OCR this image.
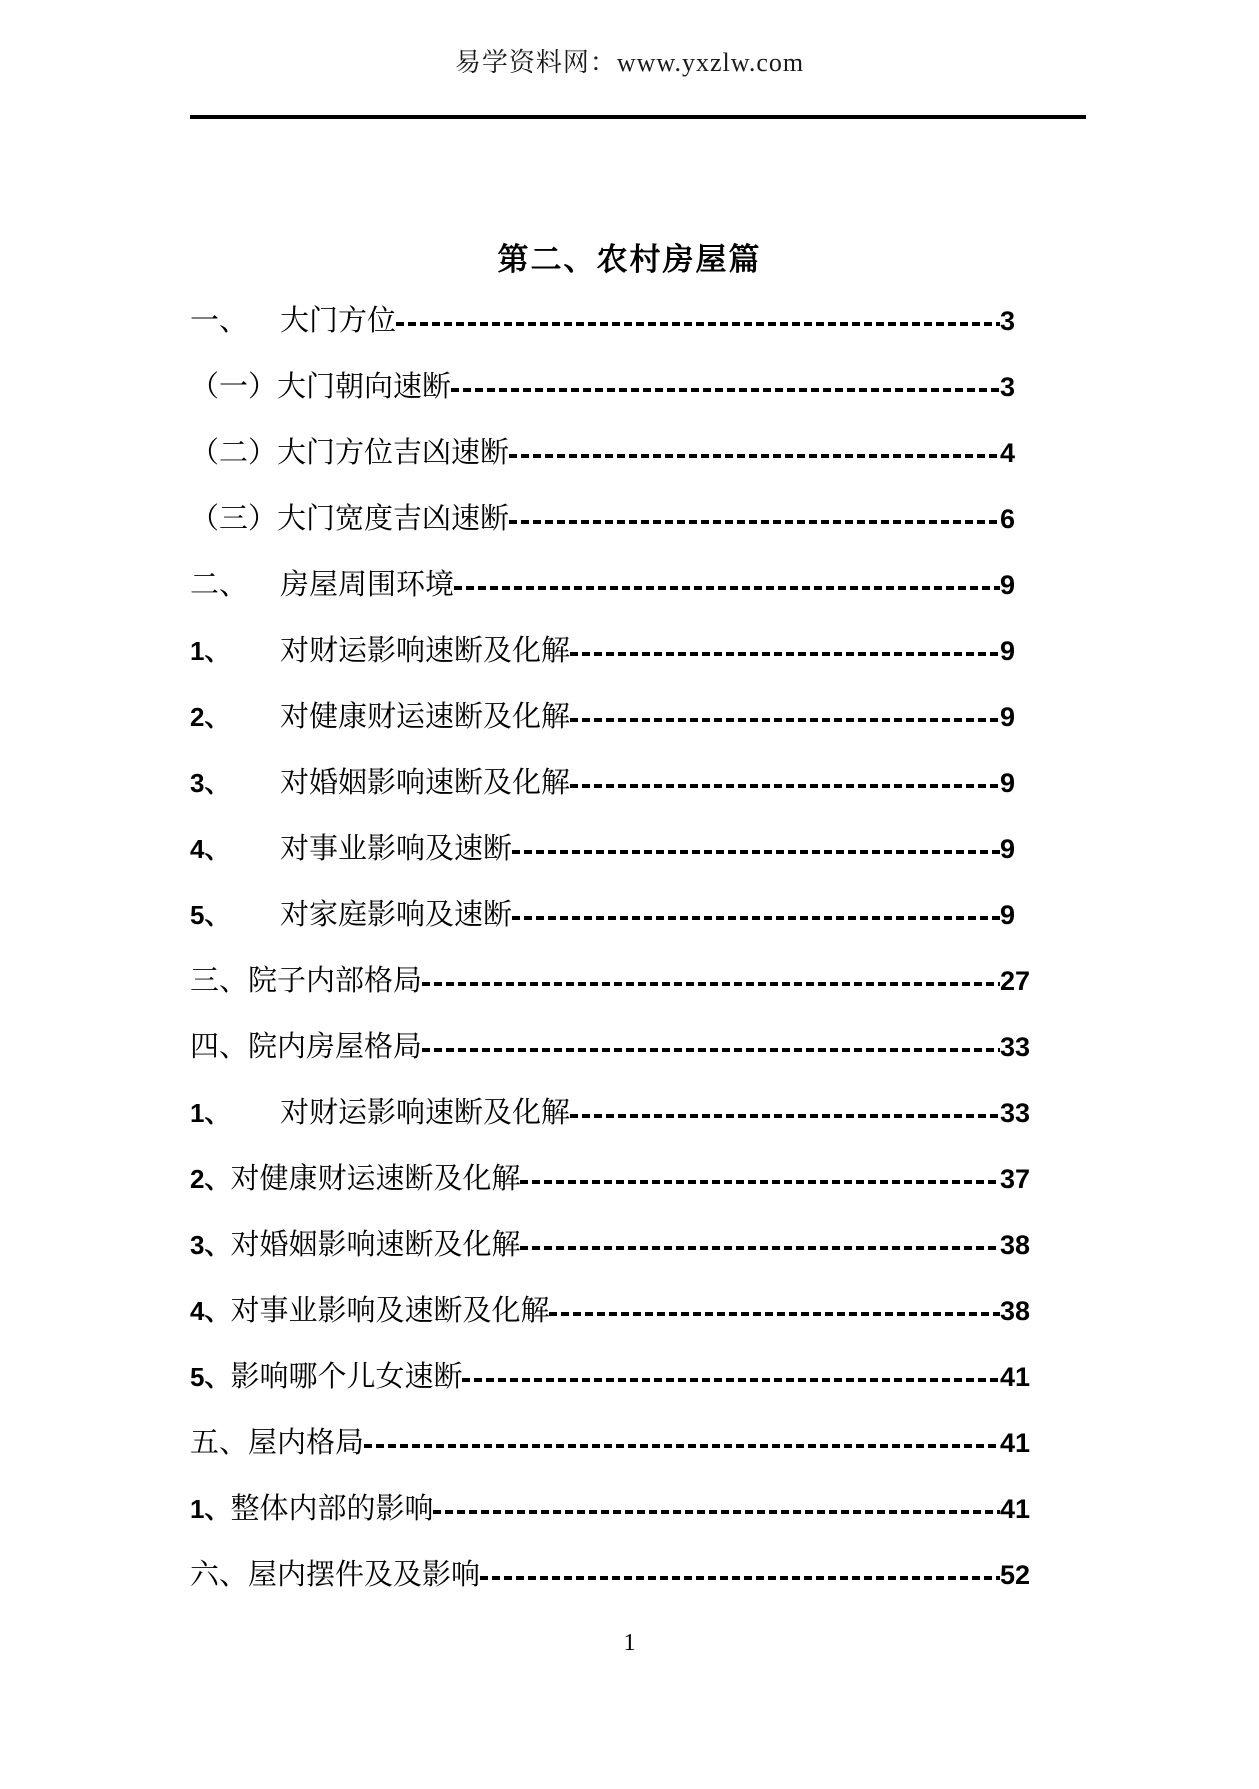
易学资料网：www.yxzlw.com
第二、农村房屋篇
一、	大门方位	3
（一） 大门朝向速断	3
（二） 大门方位吉凶速断	4
（三） 大门宽度吉凶速断	6
二、	房屋周围环境	9
1、	对财运影响速断及化解	9
2、	对健康财运速断及化解	9
3、	对婚姻影响速断及化解	9
4、	对事业影响及速断	9
5、	对家庭影响及速断	9
三、 院子内部格局	27
四、 院内房屋格局	33
1、	对财运影响速断及化解	33
2、 对健康财运速断及化解	37
3、 对婚姻影响速断及化解	38
4、 对事业影响及速断及化解	38
5、 影响哪个儿女速断	41
五、 屋内格局	41
1、 整体内部的影响	41
六、 屋内摆件及及影响	52
1
